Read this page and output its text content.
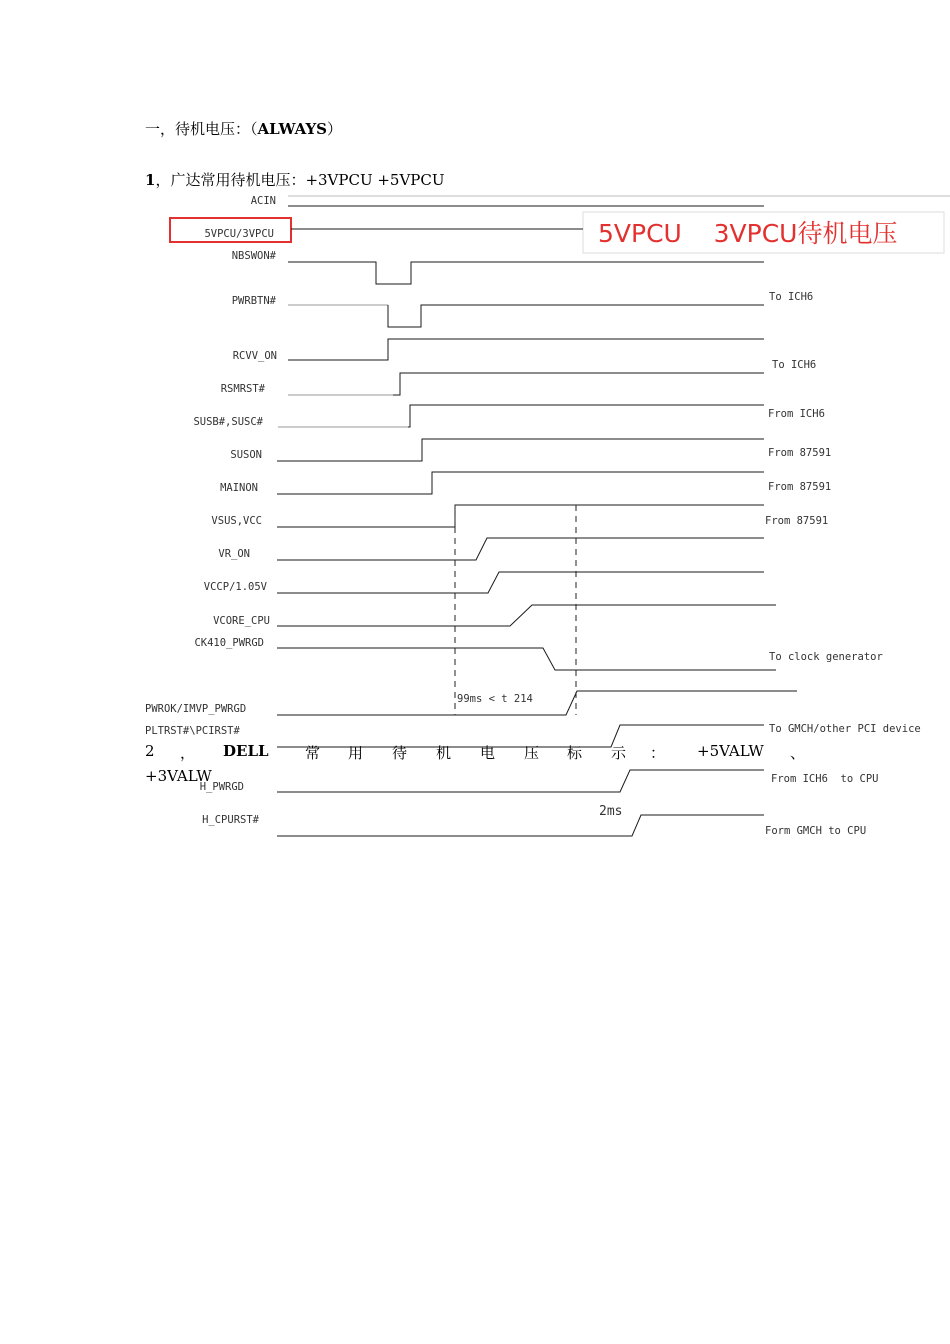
一，待机电压：（ALWAYS）
1，广达常用待机电压：+3VPCU +5VPCU
5VPCU    3VPCU待机电压
ACIN
5VPCU/3VPCU
NBSWON#
PWRBTN#
RCVV_ON
RSMRST#
SUSB#,SUSC#
SUSON
MAINON
VSUS,VCC
VR_ON
VCCP/1.05V
VCORE_CPU
CK410_PWRGD
PWROK/IMVP_PWRGD
PLTRST#\PCIRST#
H_PWRGD
H_CPURST#
99ms < t 214
2ms
To ICH6
To ICH6
From ICH6
From 87591
From 87591
From 87591
To clock generator
To GMCH/other PCI device
From ICH6  to CPU
Form GMCH to CPU
2 ， DELL 常 用 待 机 电 压 标 示 ： +5VALW 、
+3VALW
